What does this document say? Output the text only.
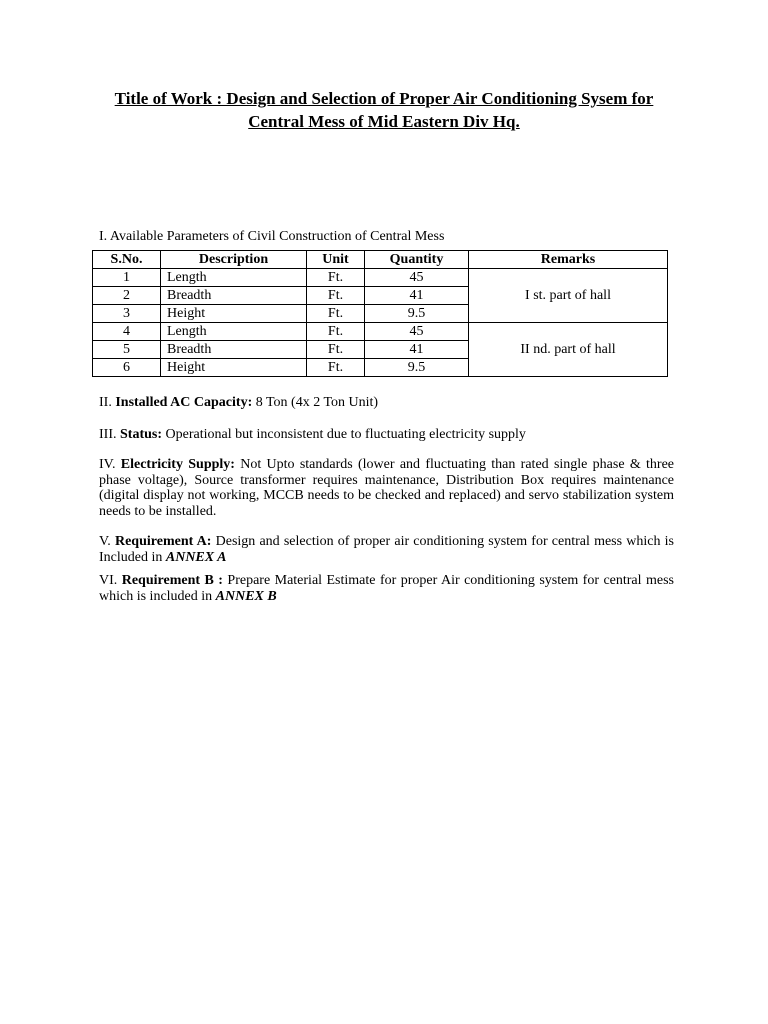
Title of Work : Design and Selection of Proper Air Conditioning Sysem for
Central Mess of Mid Eastern Div Hq.
I. Available Parameters of Civil Construction of Central Mess
S.No.	Description	Unit	Quantity	Remarks
1	Length	Ft.	45	I st. part of hall
2	Breadth	Ft.	41	
3	Height	Ft.	9.5	
4	Length	Ft.	45	II nd. part of hall
5	Breadth	Ft.	41	
6	Height	Ft.	9.5	
II. Installed AC Capacity: 8 Ton (4x 2 Ton Unit)
III. Status: Operational but inconsistent due to fluctuating electricity supply
IV. Electricity Supply: Not Upto standards (lower and fluctuating than rated single phase & three phase voltage), Source transformer requires maintenance, Distribution Box requires maintenance (digital display not working, MCCB needs to be checked and replaced) and servo stabilization system needs to be installed.
V. Requirement A: Design and selection of proper air conditioning system for central mess which is Included in ANNEX A
VI. Requirement B : Prepare Material Estimate for proper Air conditioning system for central mess which is included in ANNEX B
